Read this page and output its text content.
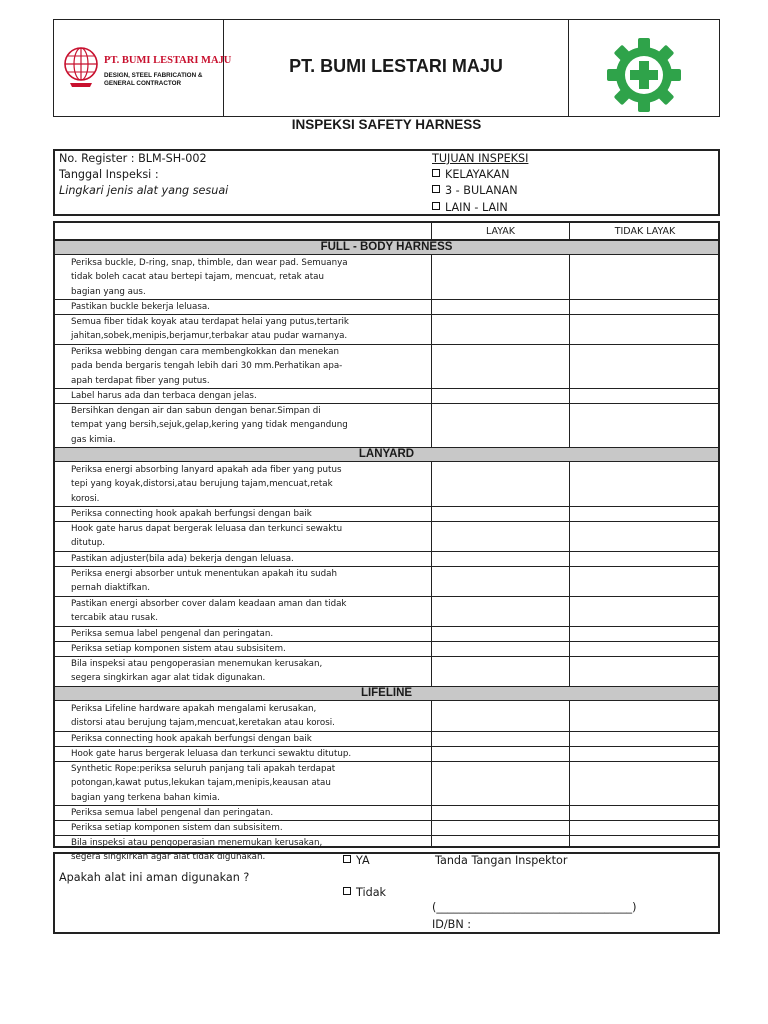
PT. BUMI LESTARI MAJU
DESIGN, STEEL FABRICATION & GENERAL CONTRACTOR
PT. BUMI LESTARI MAJU
INSPEKSI SAFETY HARNESS
No. Register : BLM-SH-002
Tanggal Inspeksi :
Lingkari jenis alat yang sesuai
TUJUAN INSPEKSI
KELAYAKAN
3 - BULANAN
LAIN - LAIN
LAYAK	TIDAK LAYAK
FULL - BODY HARNESS
Periksa buckle, D-ring, snap, thimble, dan wear pad. Semuanya
tidak boleh cacat atau bertepi tajam, mencuat, retak atau
bagian yang aus.
Pastikan buckle bekerja leluasa.
Semua fiber tidak koyak atau terdapat helai yang putus,tertarik
jahitan,sobek,menipis,berjamur,terbakar atau pudar warnanya.
Periksa webbing dengan cara membengkokkan dan menekan
pada benda bergaris tengah lebih dari 30 mm.Perhatikan apa-
apah terdapat fiber yang putus.
Label harus ada dan terbaca dengan jelas.
Bersihkan dengan air dan sabun dengan benar.Simpan di
tempat yang bersih,sejuk,gelap,kering yang tidak mengandung
gas kimia.
LANYARD
Periksa energi absorbing lanyard apakah ada fiber yang putus
tepi yang koyak,distorsi,atau berujung tajam,mencuat,retak
korosi.
Periksa connecting hook apakah berfungsi dengan baik
Hook gate harus dapat bergerak leluasa dan terkunci sewaktu
ditutup.
Pastikan adjuster(bila ada) bekerja dengan leluasa.
Periksa energi absorber untuk menentukan apakah itu sudah
pernah diaktifkan.
Pastikan energi absorber cover dalam keadaan aman dan tidak
tercabik atau rusak.
Periksa semua label pengenal dan peringatan.
Periksa setiap komponen sistem atau subsisitem.
Bila inspeksi atau pengoperasian menemukan kerusakan,
segera singkirkan agar alat tidak digunakan.
LIFELINE
Periksa Lifeline hardware apakah mengalami kerusakan,
distorsi atau berujung tajam,mencuat,keretakan atau korosi.
Periksa connecting hook apakah berfungsi dengan baik
Hook gate harus bergerak leluasa dan terkunci sewaktu ditutup.
Synthetic Rope:periksa seluruh panjang tali apakah terdapat
potongan,kawat putus,lekukan tajam,menipis,keausan atau
bagian yang terkena bahan kimia.
Periksa semua label pengenal dan peringatan.
Periksa setiap komponen sistem dan subsisitem.
Bila inspeksi atau pengoperasian menemukan kerusakan,
segera singkirkan agar alat tidak digunakan.
Apakah alat ini aman digunakan ?
YA
Tidak
Tanda Tangan Inspektor
(___________________________________)
ID/BN :
